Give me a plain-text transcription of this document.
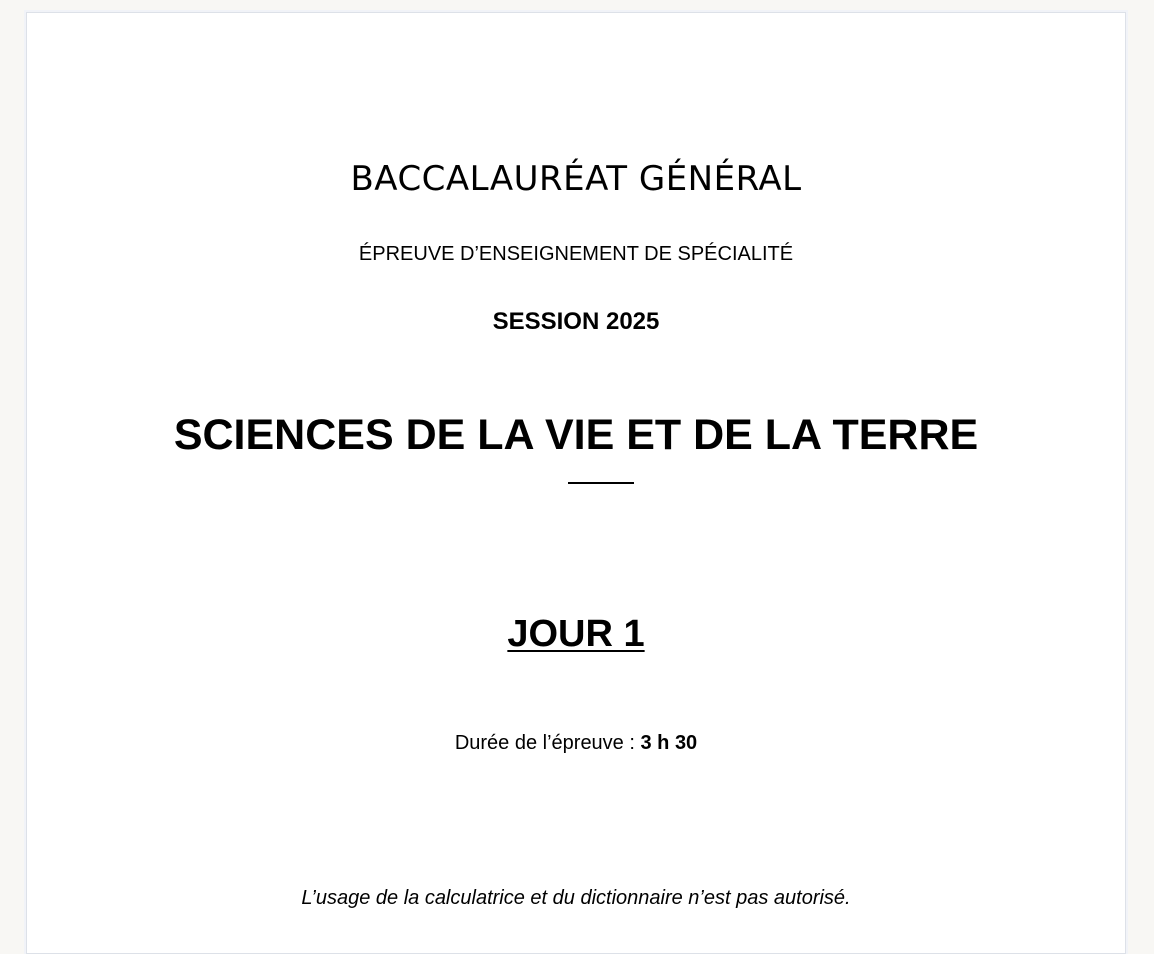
BACCALAURÉAT GÉNÉRAL
ÉPREUVE D’ENSEIGNEMENT DE SPÉCIALITÉ
SESSION 2025
SCIENCES DE LA VIE ET DE LA TERRE
JOUR 1
Durée de l’épreuve : 3 h 30
L’usage de la calculatrice et du dictionnaire n’est pas autorisé.
